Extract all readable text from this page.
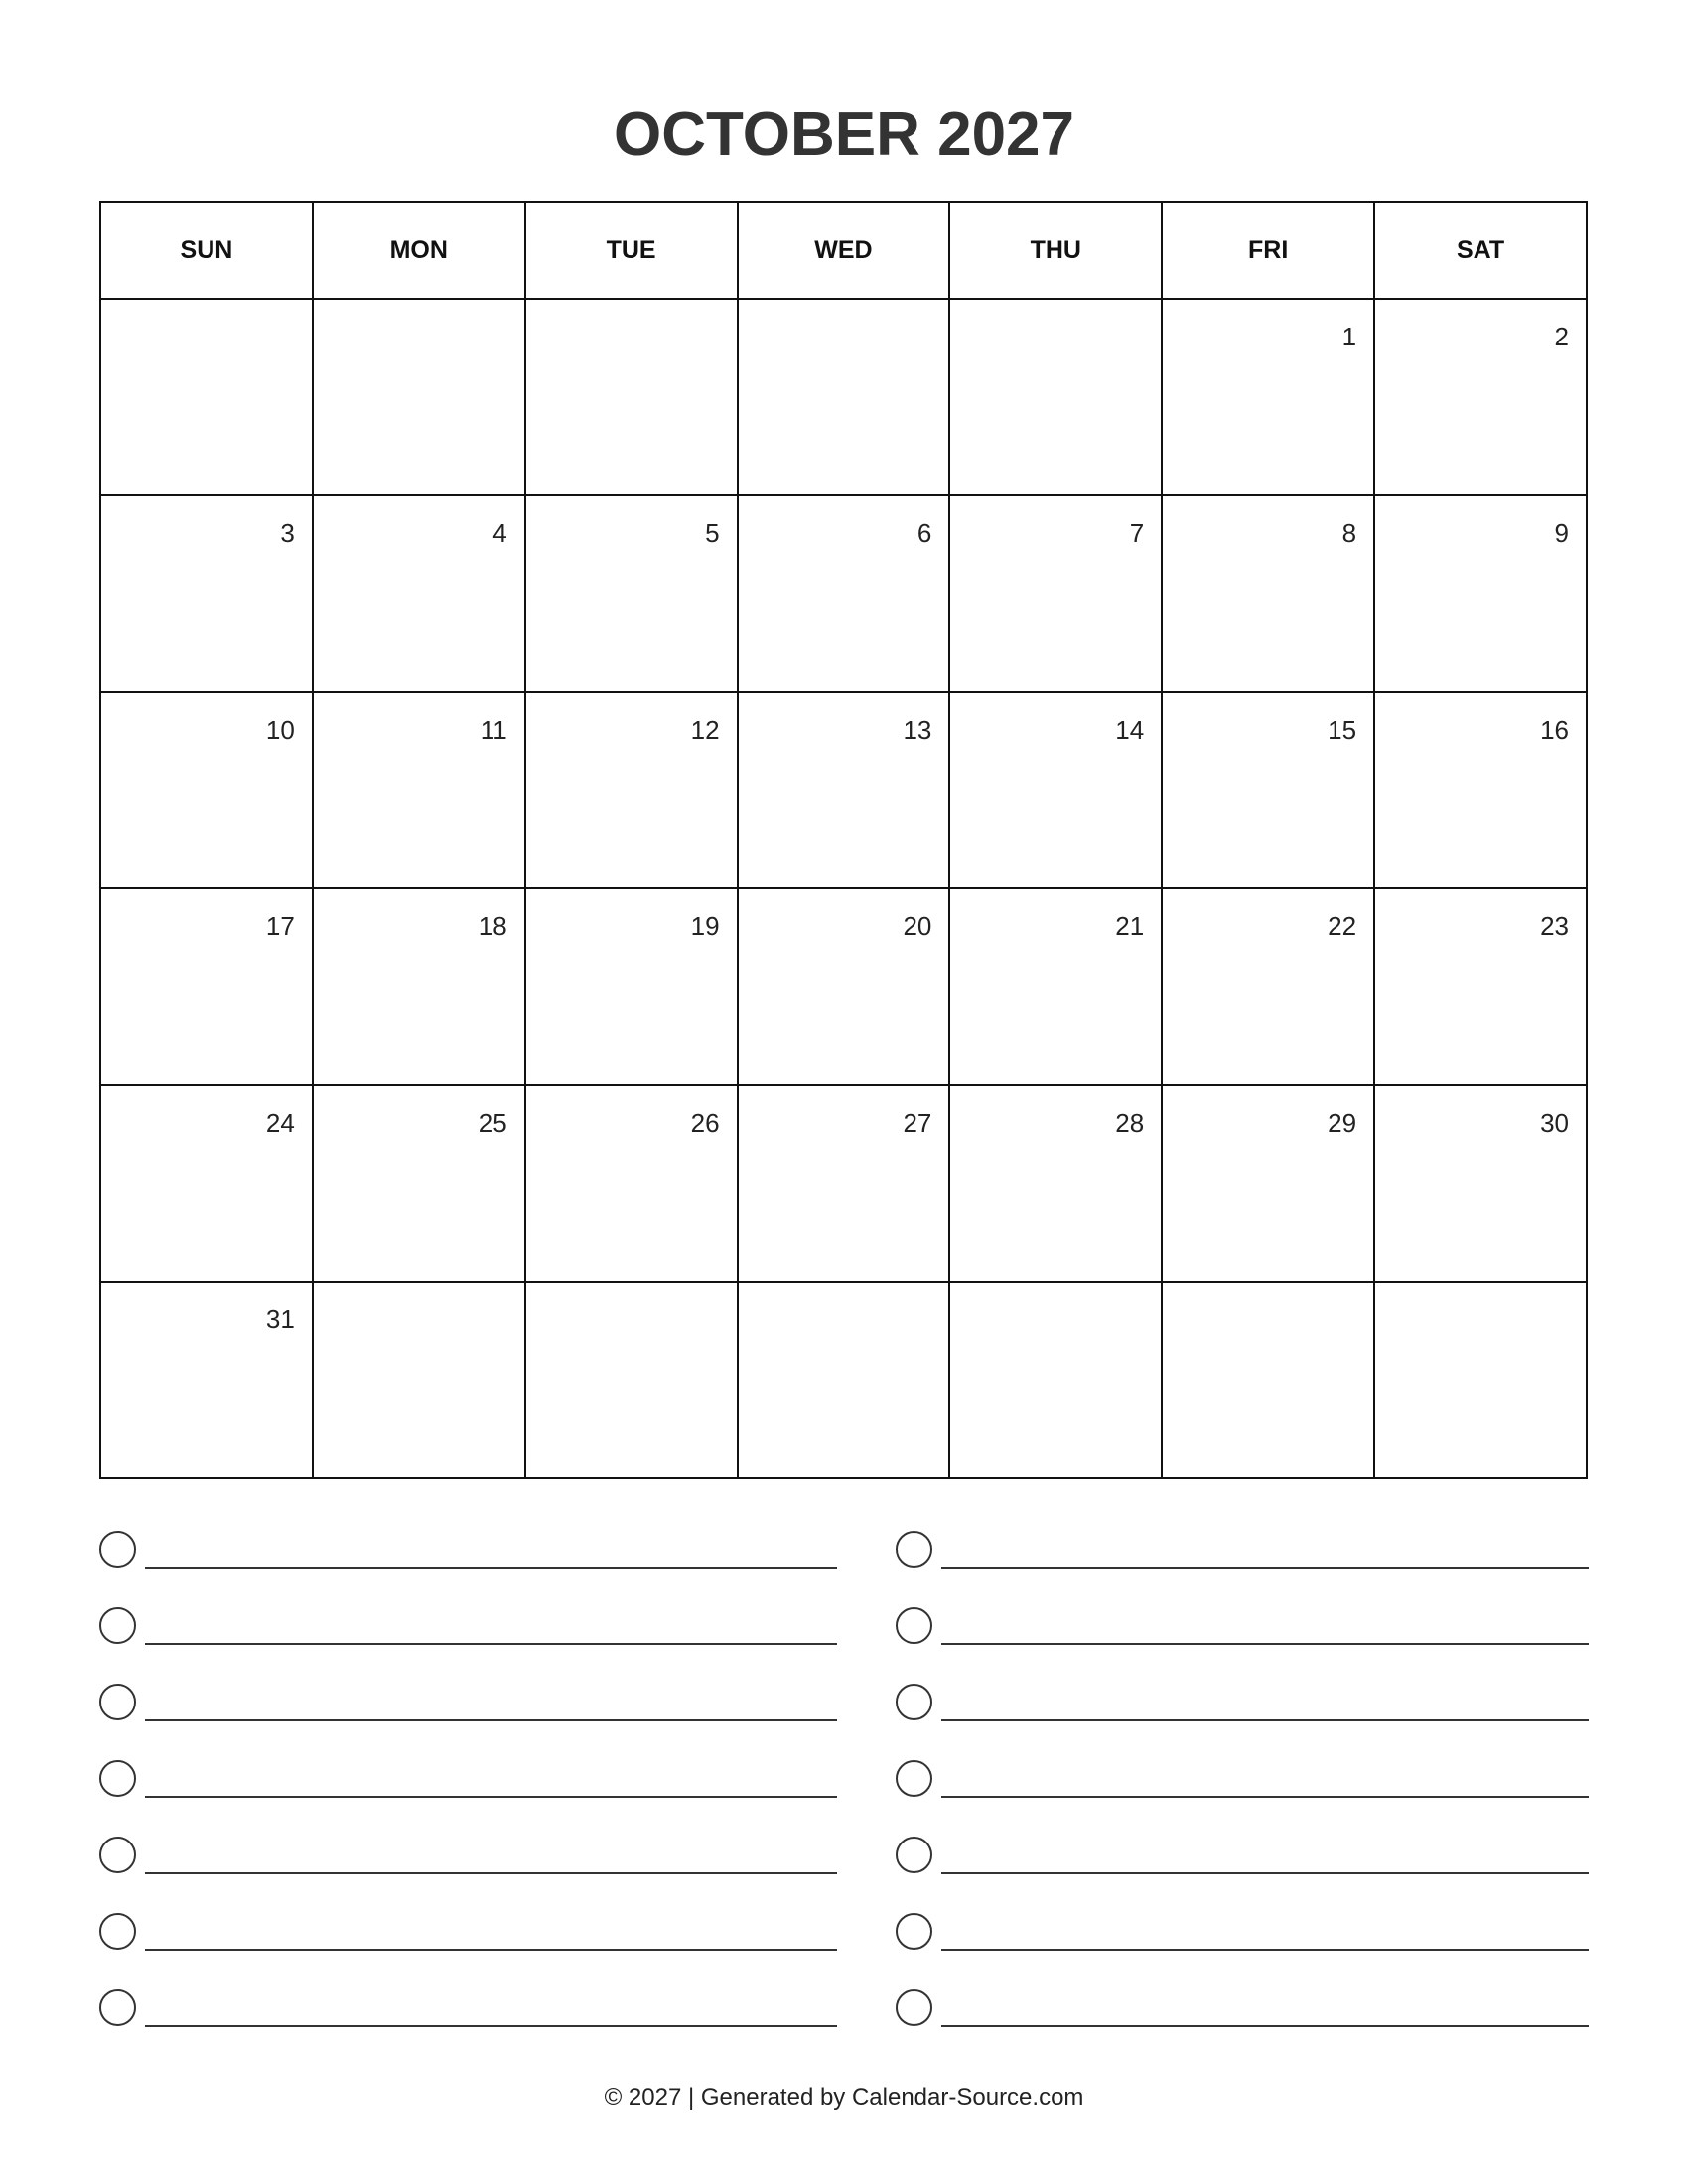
OCTOBER 2027
SUN	MON	TUE	WED	THU	FRI	SAT

					1	2

3	4	5	6	7	8	9

10	11	12	13	14	15	16

17	18	19	20	21	22	23

24	25	26	27	28	29	30

31						

© 2027 | Generated by Calendar-Source.com
